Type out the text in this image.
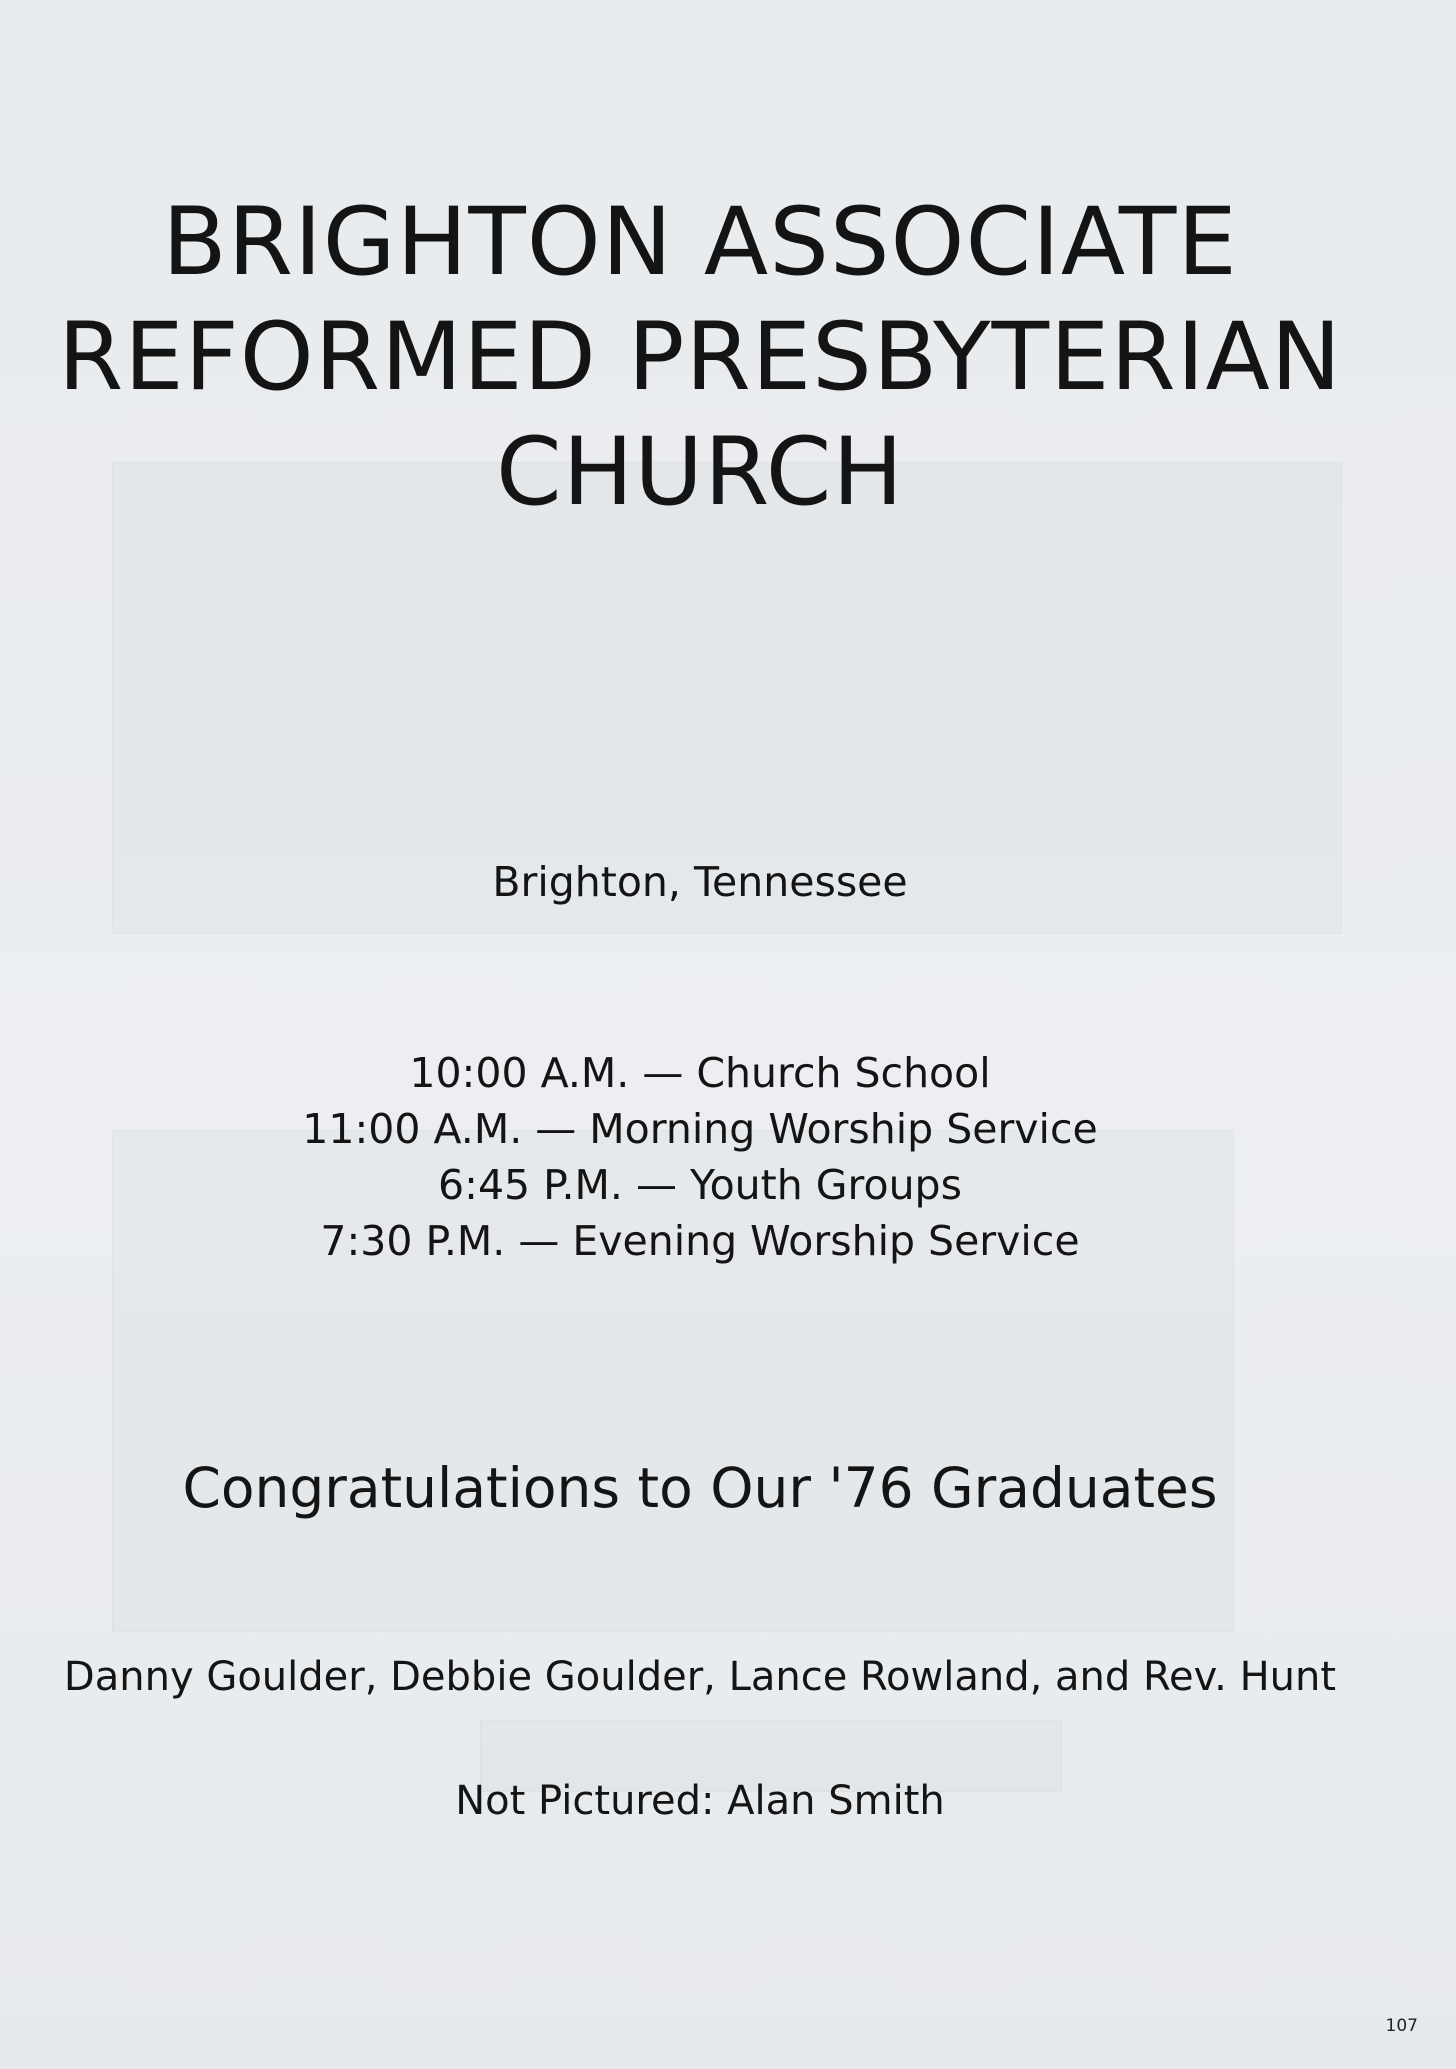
BRIGHTON ASSOCIATE
REFORMED PRESBYTERIAN
CHURCH
Brighton, Tennessee
10:00 A.M. — Church School
11:00 A.M. — Morning Worship Service
6:45 P.M. — Youth Groups
7:30 P.M. — Evening Worship Service
Congratulations to Our '76 Graduates
Danny Goulder, Debbie Goulder, Lance Rowland, and Rev. Hunt
Not Pictured: Alan Smith
107
